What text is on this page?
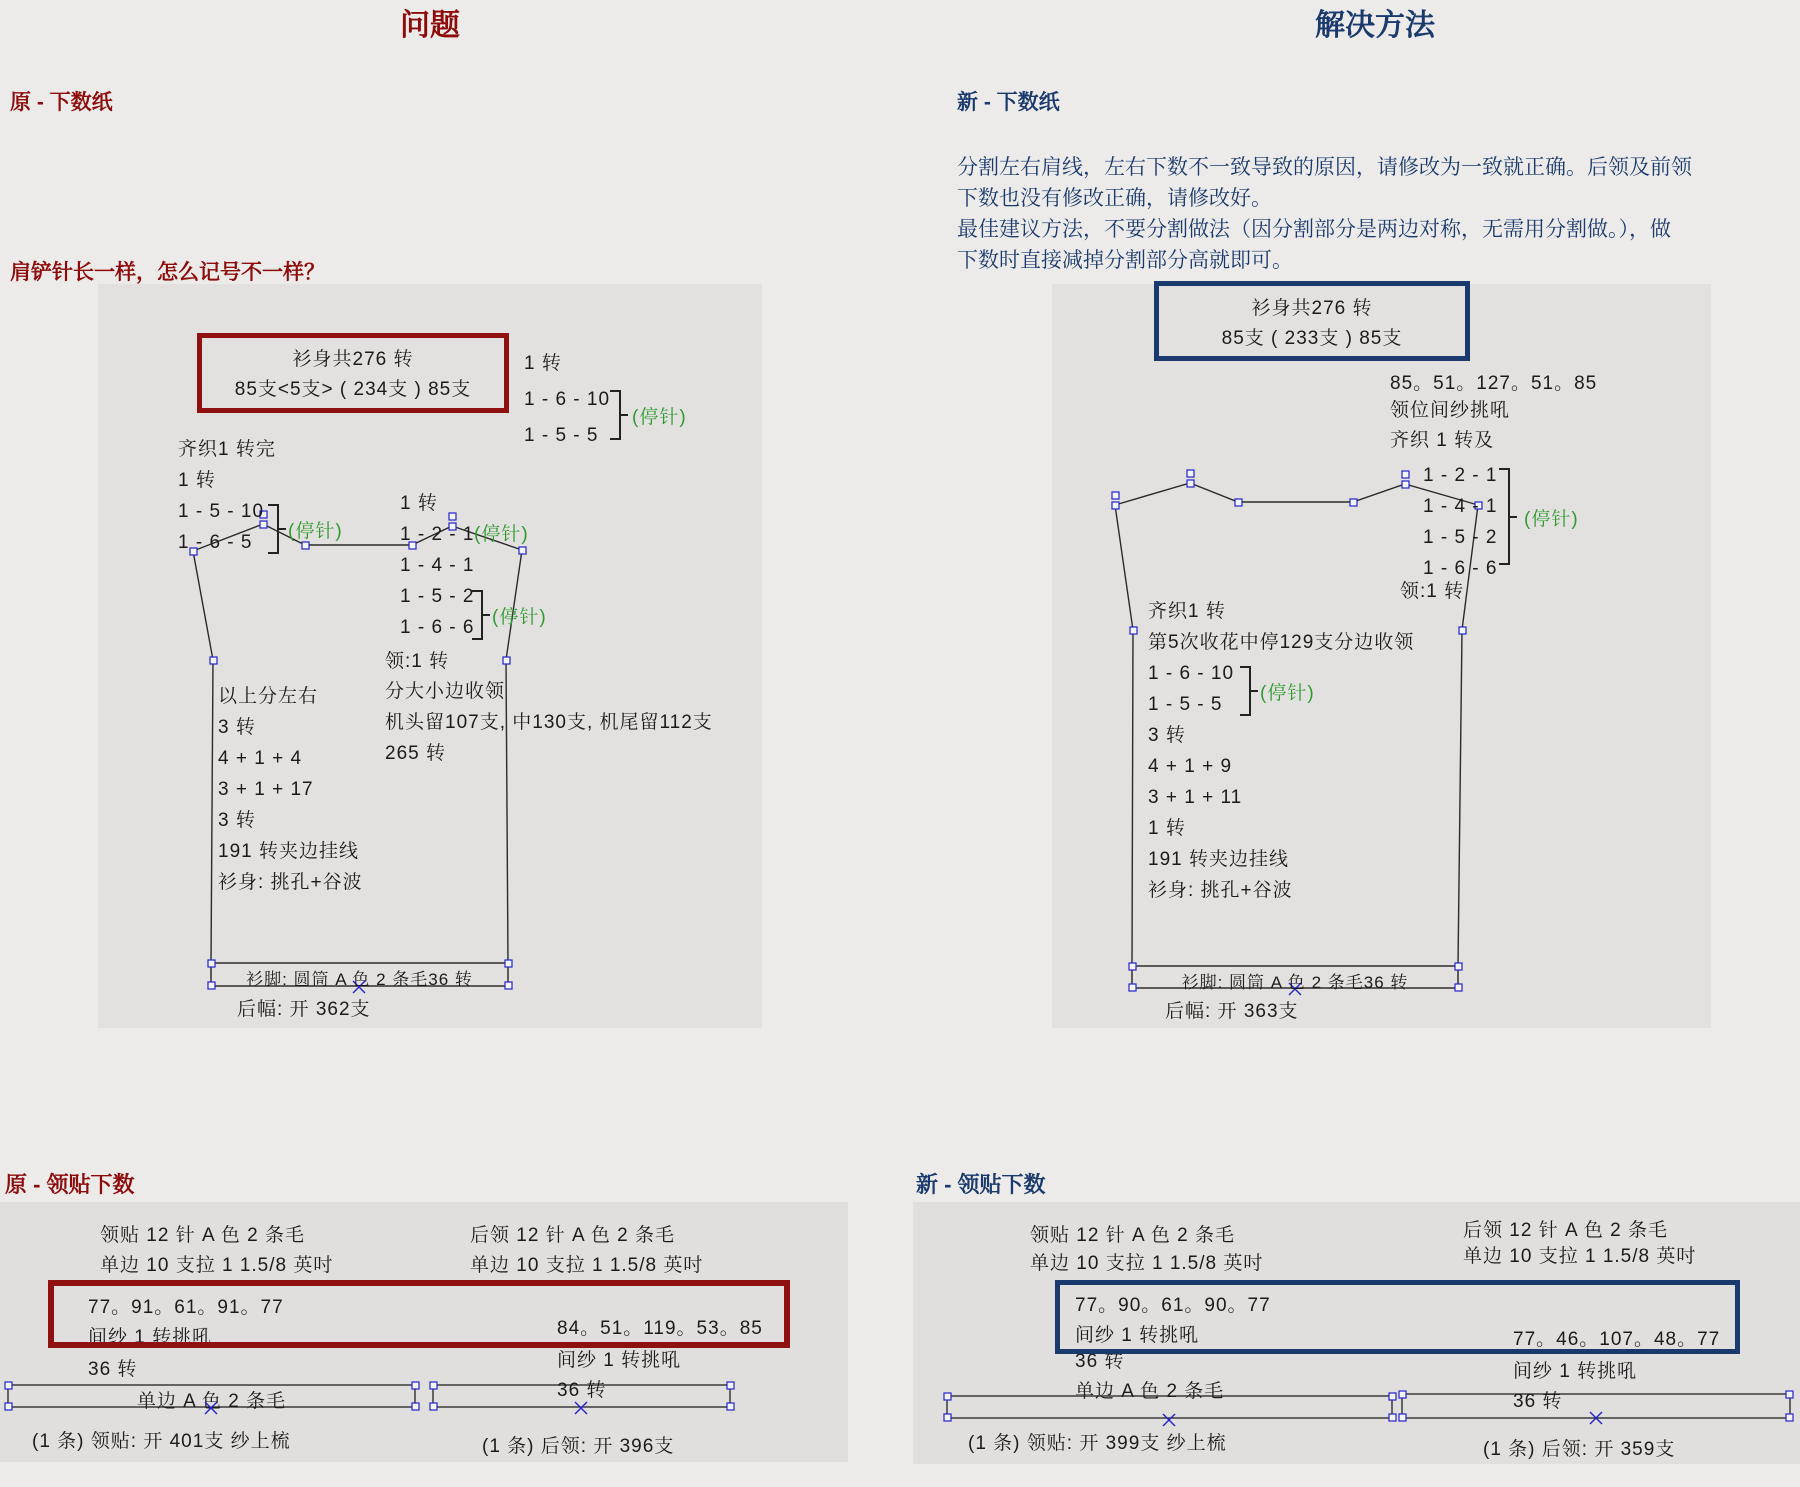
问题	解决方法
原 - 下数纸	新 - 下数纸
分割左右肩线，左右下数不一致导致的原因，请修改为一致就正确。后领及前领
下数也没有修改正确，请修改好。
最佳建议方法，不要分割做法（因分割部分是两边对称，无需用分割做。），做
下数时直接减掉分割部分高就即可。
肩铲针长一样，怎么记号不一样？
衫身共276 转
85支<5支> ( 234支 ) 85支
1 转
1 - 6 - 10
1 - 5 - 5
(停针)
齐织1 转完
1 转
1 - 5 - 10
1 - 6 - 5
(停针)
1 转
1 - 2 - 1
1 - 4 - 1
1 - 5 - 2
1 - 6 - 6
(停针)
(停针)
领:1 转
分大小边收领
机头留107支, 中130支, 机尾留112支
265 转
以上分左右
3 转
4 + 1 + 4
3 + 1 + 17
3 转
191 转夹边挂线
衫身: 挑孔+谷波
衫脚: 圆筒 A 色 2 条毛36 转
后幅: 开 362支
衫身共276 转
85支 ( 233支 ) 85支
85。51。127。51。85
领位间纱挑吼
齐织 1 转及
1 - 2 - 1
1 - 4 - 1
1 - 5 - 2
1 - 6 - 6
(停针)
领:1 转
齐织1 转
第5次收花中停129支分边收领
1 - 6 - 10
1 - 5 - 5
3 转
4 + 1 + 9
3 + 1 + 11
1 转
191 转夹边挂线
衫身: 挑孔+谷波
(停针)
衫脚: 圆筒 A 色 2 条毛36 转
后幅: 开 363支
原 - 领贴下数	新 - 领贴下数
领贴 12 针 A 色 2 条毛
单边 10 支拉 1 1.5/8 英吋
77。91。61。91。77
间纱 1 转挑吼
36 转
单边 A 色 2 条毛
(1 条) 领贴: 开 401支 纱上梳
后领 12 针 A 色 2 条毛
单边 10 支拉 1 1.5/8 英吋
84。51。119。53。85
间纱 1 转挑吼
36 转
(1 条) 后领: 开 396支
领贴 12 针 A 色 2 条毛
单边 10 支拉 1 1.5/8 英吋
77。90。61。90。77
间纱 1 转挑吼
36 转
单边 A 色 2 条毛
(1 条) 领贴: 开 399支 纱上梳
后领 12 针 A 色 2 条毛
单边 10 支拉 1 1.5/8 英吋
77。46。107。48。77
间纱 1 转挑吼
36 转
(1 条) 后领: 开 359支
